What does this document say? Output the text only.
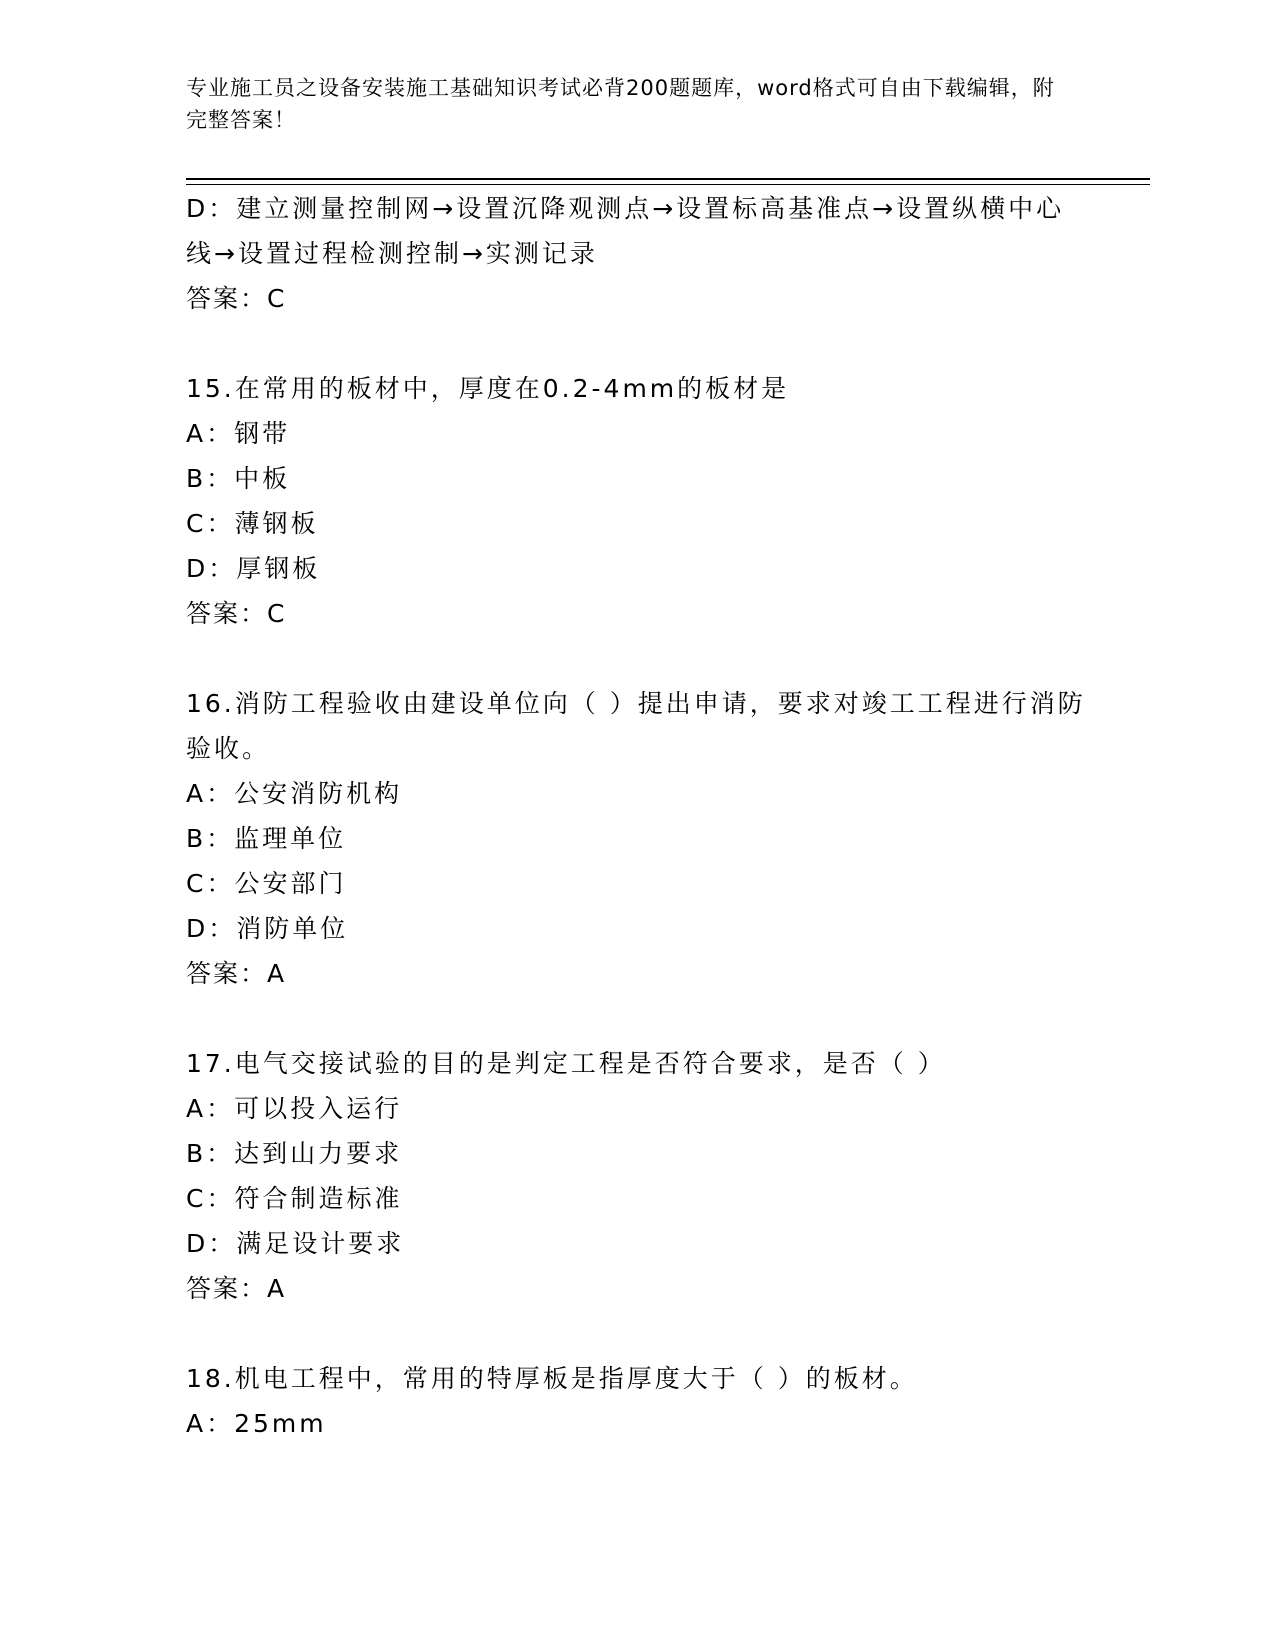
专业施工员之设备安装施工基础知识考试必背200题题库，word格式可自由下载编辑，附完整答案！

D：建立测量控制网→设置沉降观测点→设置标高基准点→设置纵横中心线→设置过程检测控制→实测记录

答案：C

15.在常用的板材中，厚度在0.2-4mm的板材是

A：钢带

B：中板

C：薄钢板

D：厚钢板

答案：C

16.消防工程验收由建设单位向（ ）提出申请，要求对竣工工程进行消防验收。

A：公安消防机构

B：监理单位

C：公安部门

D：消防单位

答案：A

17.电气交接试验的目的是判定工程是否符合要求，是否（ ）

A：可以投入运行

B：达到山力要求

C：符合制造标准

D：满足设计要求

答案：A

18.机电工程中，常用的特厚板是指厚度大于（ ）的板材。

A：25mm
